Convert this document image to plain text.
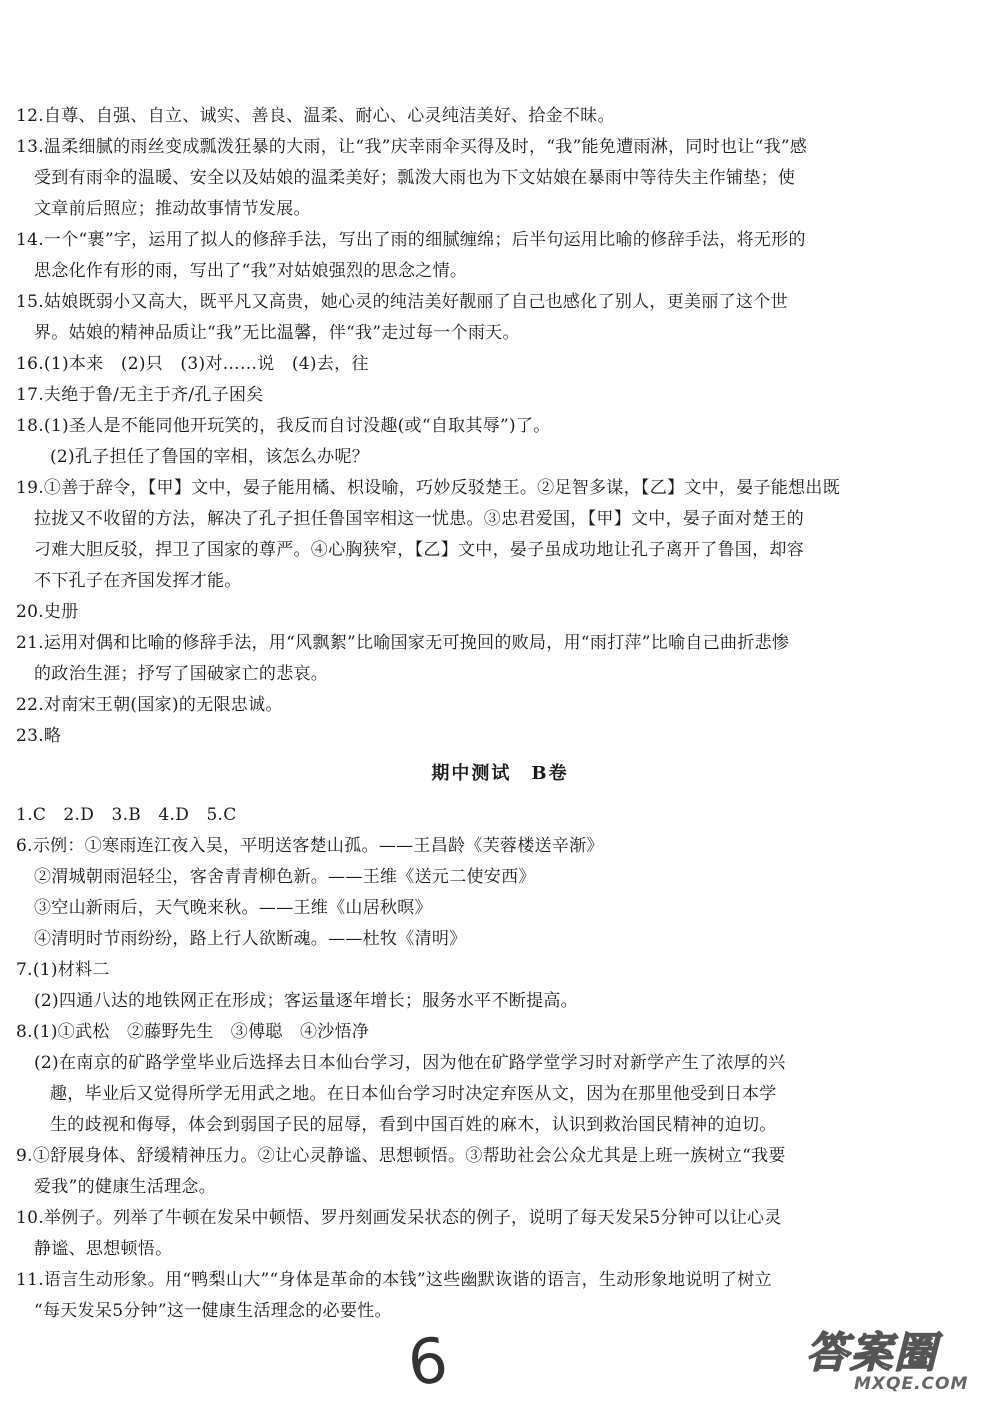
12.自尊、自强、自立、诚实、善良、温柔、耐心、心灵纯洁美好、拾金不昧。
13.温柔细腻的雨丝变成瓢泼狂暴的大雨，让“我”庆幸雨伞买得及时，“我”能免遭雨淋，同时也让“我”感
受到有雨伞的温暖、安全以及姑娘的温柔美好；瓢泼大雨也为下文姑娘在暴雨中等待失主作铺垫；使
文章前后照应；推动故事情节发展。
14.一个“裹”字，运用了拟人的修辞手法，写出了雨的细腻缠绵；后半句运用比喻的修辞手法，将无形的
思念化作有形的雨，写出了“我”对姑娘强烈的思念之情。
15.姑娘既弱小又高大，既平凡又高贵，她心灵的纯洁美好靓丽了自己也感化了别人，更美丽了这个世
界。姑娘的精神品质让“我”无比温馨，伴“我”走过每一个雨天。
16.(1)本来　(2)只　(3)对……说　(4)去，往
17.夫绝于鲁/无主于齐/孔子困矣
18.(1)圣人是不能同他开玩笑的，我反而自讨没趣(或“自取其辱”)了。
(2)孔子担任了鲁国的宰相，该怎么办呢？
19.①善于辞令，【甲】文中，晏子能用橘、枳设喻，巧妙反驳楚王。②足智多谋，【乙】文中，晏子能想出既
拉拢又不收留的方法，解决了孔子担任鲁国宰相这一忧患。③忠君爱国，【甲】文中，晏子面对楚王的
刁难大胆反驳，捍卫了国家的尊严。④心胸狭窄，【乙】文中，晏子虽成功地让孔子离开了鲁国，却容
不下孔子在齐国发挥才能。
20.史册
21.运用对偶和比喻的修辞手法，用“风飘絮”比喻国家无可挽回的败局，用“雨打萍”比喻自己曲折悲惨
的政治生涯；抒写了国破家亡的悲哀。
22.对南宋王朝(国家)的无限忠诚。
23.略
期中测试　B卷
1.C　2.D　3.B　4.D　5.C
6.示例：①寒雨连江夜入吴，平明送客楚山孤。——王昌龄《芙蓉楼送辛渐》
②渭城朝雨浥轻尘，客舍青青柳色新。——王维《送元二使安西》
③空山新雨后，天气晚来秋。——王维《山居秋暝》
④清明时节雨纷纷，路上行人欲断魂。——杜牧《清明》
7.(1)材料二
(2)四通八达的地铁网正在形成；客运量逐年增长；服务水平不断提高。
8.(1)①武松　②藤野先生　③傅聪　④沙悟净
(2)在南京的矿路学堂毕业后选择去日本仙台学习，因为他在矿路学堂学习时对新学产生了浓厚的兴
趣，毕业后又觉得所学无用武之地。在日本仙台学习时决定弃医从文，因为在那里他受到日本学
生的歧视和侮辱，体会到弱国子民的屈辱，看到中国百姓的麻木，认识到救治国民精神的迫切。
9.①舒展身体、舒缓精神压力。②让心灵静谧、思想顿悟。③帮助社会公众尤其是上班一族树立“我要
爱我”的健康生活理念。
10.举例子。列举了牛顿在发呆中顿悟、罗丹刻画发呆状态的例子，说明了每天发呆5分钟可以让心灵
静谧、思想顿悟。
11.语言生动形象。用“鸭梨山大”“身体是革命的本钱”这些幽默诙谐的语言，生动形象地说明了树立
“每天发呆5分钟”这一健康生活理念的必要性。
6	答案圈
MXQE.COM
